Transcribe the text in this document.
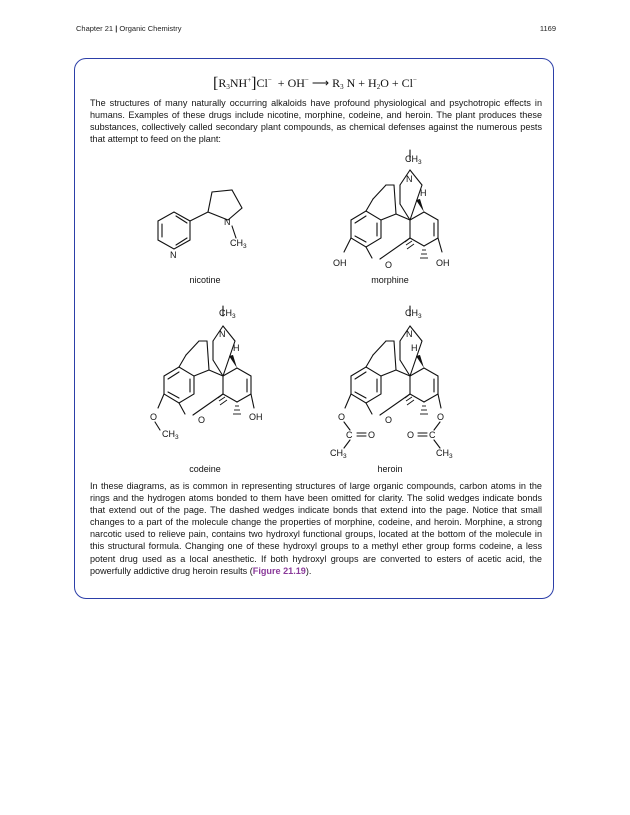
Chapter 21 | Organic Chemistry	1169
$[R_3NH^+]Cl^- + OH^-$ ⟶ $R_3$ $N + H_2O + Cl^-$

The structures of many naturally occurring alkaloids have profound physiological and psychotropic effects in humans. Examples of these drugs include nicotine, morphine, codeine, and heroin. The plant produces these substances, collectively called secondary plant compounds, as chemical defenses against the numerous pests that attempt to feed on the plant:

N
N
$CH_3$
$CH_3$
N
H
O
OH	OH
$CH_3$
N
H
O
O
$CH_3$
OH
$CH_3$
N
H
O
O	O
C O	O C
$CH_3$	$CH_3$
nicotine	morphine
codeine	heroin

In these diagrams, as is common in representing structures of large organic compounds, carbon atoms in the rings and the hydrogen atoms bonded to them have been omitted for clarity. The solid wedges indicate bonds that extend out of the page. The dashed wedges indicate bonds that extend into the page. Notice that small changes to a part of the molecule change the properties of morphine, codeine, and heroin. Morphine, a strong narcotic used to relieve pain, contains two hydroxyl functional groups, located at the bottom of the molecule in this structural formula. Changing one of these hydroxyl groups to a methyl ether group forms codeine, a less potent drug used as a local anesthetic. If both hydroxyl groups are converted to esters of acetic acid, the powerfully addictive drug heroin results (Figure 21.19).
